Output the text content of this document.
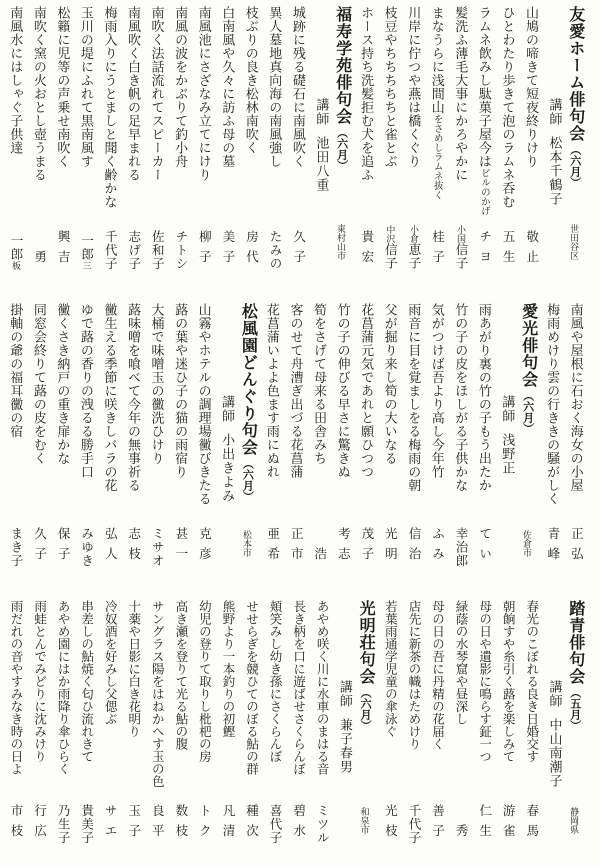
友愛ホーム俳句会（六月）
講師
松本千鶴子
世田谷区
山鳩の啼きて短夜終りけり
敬止
ひとわたり歩きて泡のラムネ呑む
五生
ラムネ飲みし駄菓子屋今はビルのかげ
チヨ
髪洗ふ薄毛大事にかろやかに
小国信子
まなうらに浅間山をさめしラムネ抜く
桂子
川岸に佇つや燕は橋くぐり
小倉恵子
枝豆やちちちちちと雀とぶ
中沢信子
ホース持ち洗髪拒む犬を追ふ
貴宏
福寿学苑俳句会（六月）
講師
池田八重
東村山市
城跡に残る礎石に南風吹く
久子
異人墓地真向海の南風強し
たみの
枝ぶりの良き松林南吹く
房代
白南風や久々に訪ふ母の墓
美子
南風池にさざなみ立てにけり
柳子
南風の波をかぶりて釣小舟
チトシ
南吹く法話流れてスピーカー
佐和子
南風吹く白き帆の足早まれる
志げ子
梅雨入りにうとましと聞く齢かな
千代子
玉川の堤にふれて黒南風す
一郎三
松籟に児等の声乗せ南吹く
興吉
南吹く窯の火おとし壺うまる
勇
南風水にはしゃぐ子供達
一郎板
南風や屋根に石おく海女の小屋
正弘
梅雨めけり雲の行ききの騒がしく
青峰
愛光俳句会（六月）
講師
浅野正
佐倉市
雨あがり裏の竹の子もう出たか
てい
竹の子の皮をほしがる子供かな
幸治郎
気がつけば吾より高し今年竹
ふみ
雨音に目を覚ましをる梅雨の朝
信治
父が掘り来し筍の大いなる
光明
花菖蒲元気であれと願ひつつ
茂子
竹の子の伸びる早さに驚きぬ
考志
筍をさげて母来る田舎みち
浩
客のせて舟漕ぎ出づる花菖蒲
正市
花菖蒲いよよ色ます雨にぬれ
亜希
松風園どんぐり句会（六月）
講師
小出きよみ
松本市
山霧やホテルの調理場黴びきたる
克彦
蕗の葉や迷ひ子の猫の雨宿り
甚一
大桶で味噌玉の黴洗ひけり
ミサオ
蕗味噌を喰べて今年の無事祈る
志枝
黴生える季節に咲きしバラの花
弘人
ゆで蕗の香りの洩るる勝手口
みゆき
黴くさき納戸の重き扉かな
保子
同窓会終りて蕗の皮をむく
久子
掛軸の爺の福耳黴の宿
まき子
踏青俳句会（五月）
講師
中山南潮子
静岡県
春光のこぼれる良き日婚交す
春馬
朝餉すや糸引く蕗を楽しみて
游雀
母の日や遺影に鳴らす鉦一つ
仁生
緑蔭の水琴窟や昼深し
秀
母の日の吾に丹精の花届く
善子
店先に新茶の幟はためけり
千代子
若葉雨通学児童の傘泳ぐ
光枝
光明荘句会（六月）
講師
兼子春男
和泉市
あやめ咲く川に水車のまはる音
ミツル
長き柄を口に遊ばせさくらんぼ
碧水
頬笑みし幼き孫にさくらんぼ
喜代子
せせらぎを競ひてのぼる鮎の群
種次
熊野より一本釣りの初鰹
凡清
幼児の登りて取りし枇杷の房
トク
高き瀬を登りて光る鮎の腹
数枝
サングラス陽をはねかへす玉の色
良平
十薬や日影に白き花明り
玉子
冷奴酒を好みし父偲ぶ
サエ
串差しの鮎焼く匂ひ流れきて
貴美子
あやめ園にはか雨降り傘ひらく
乃生子
雨蛙とんでみどりに沈みけり
行広
雨だれの音やすみなき時の日よ
市枝
